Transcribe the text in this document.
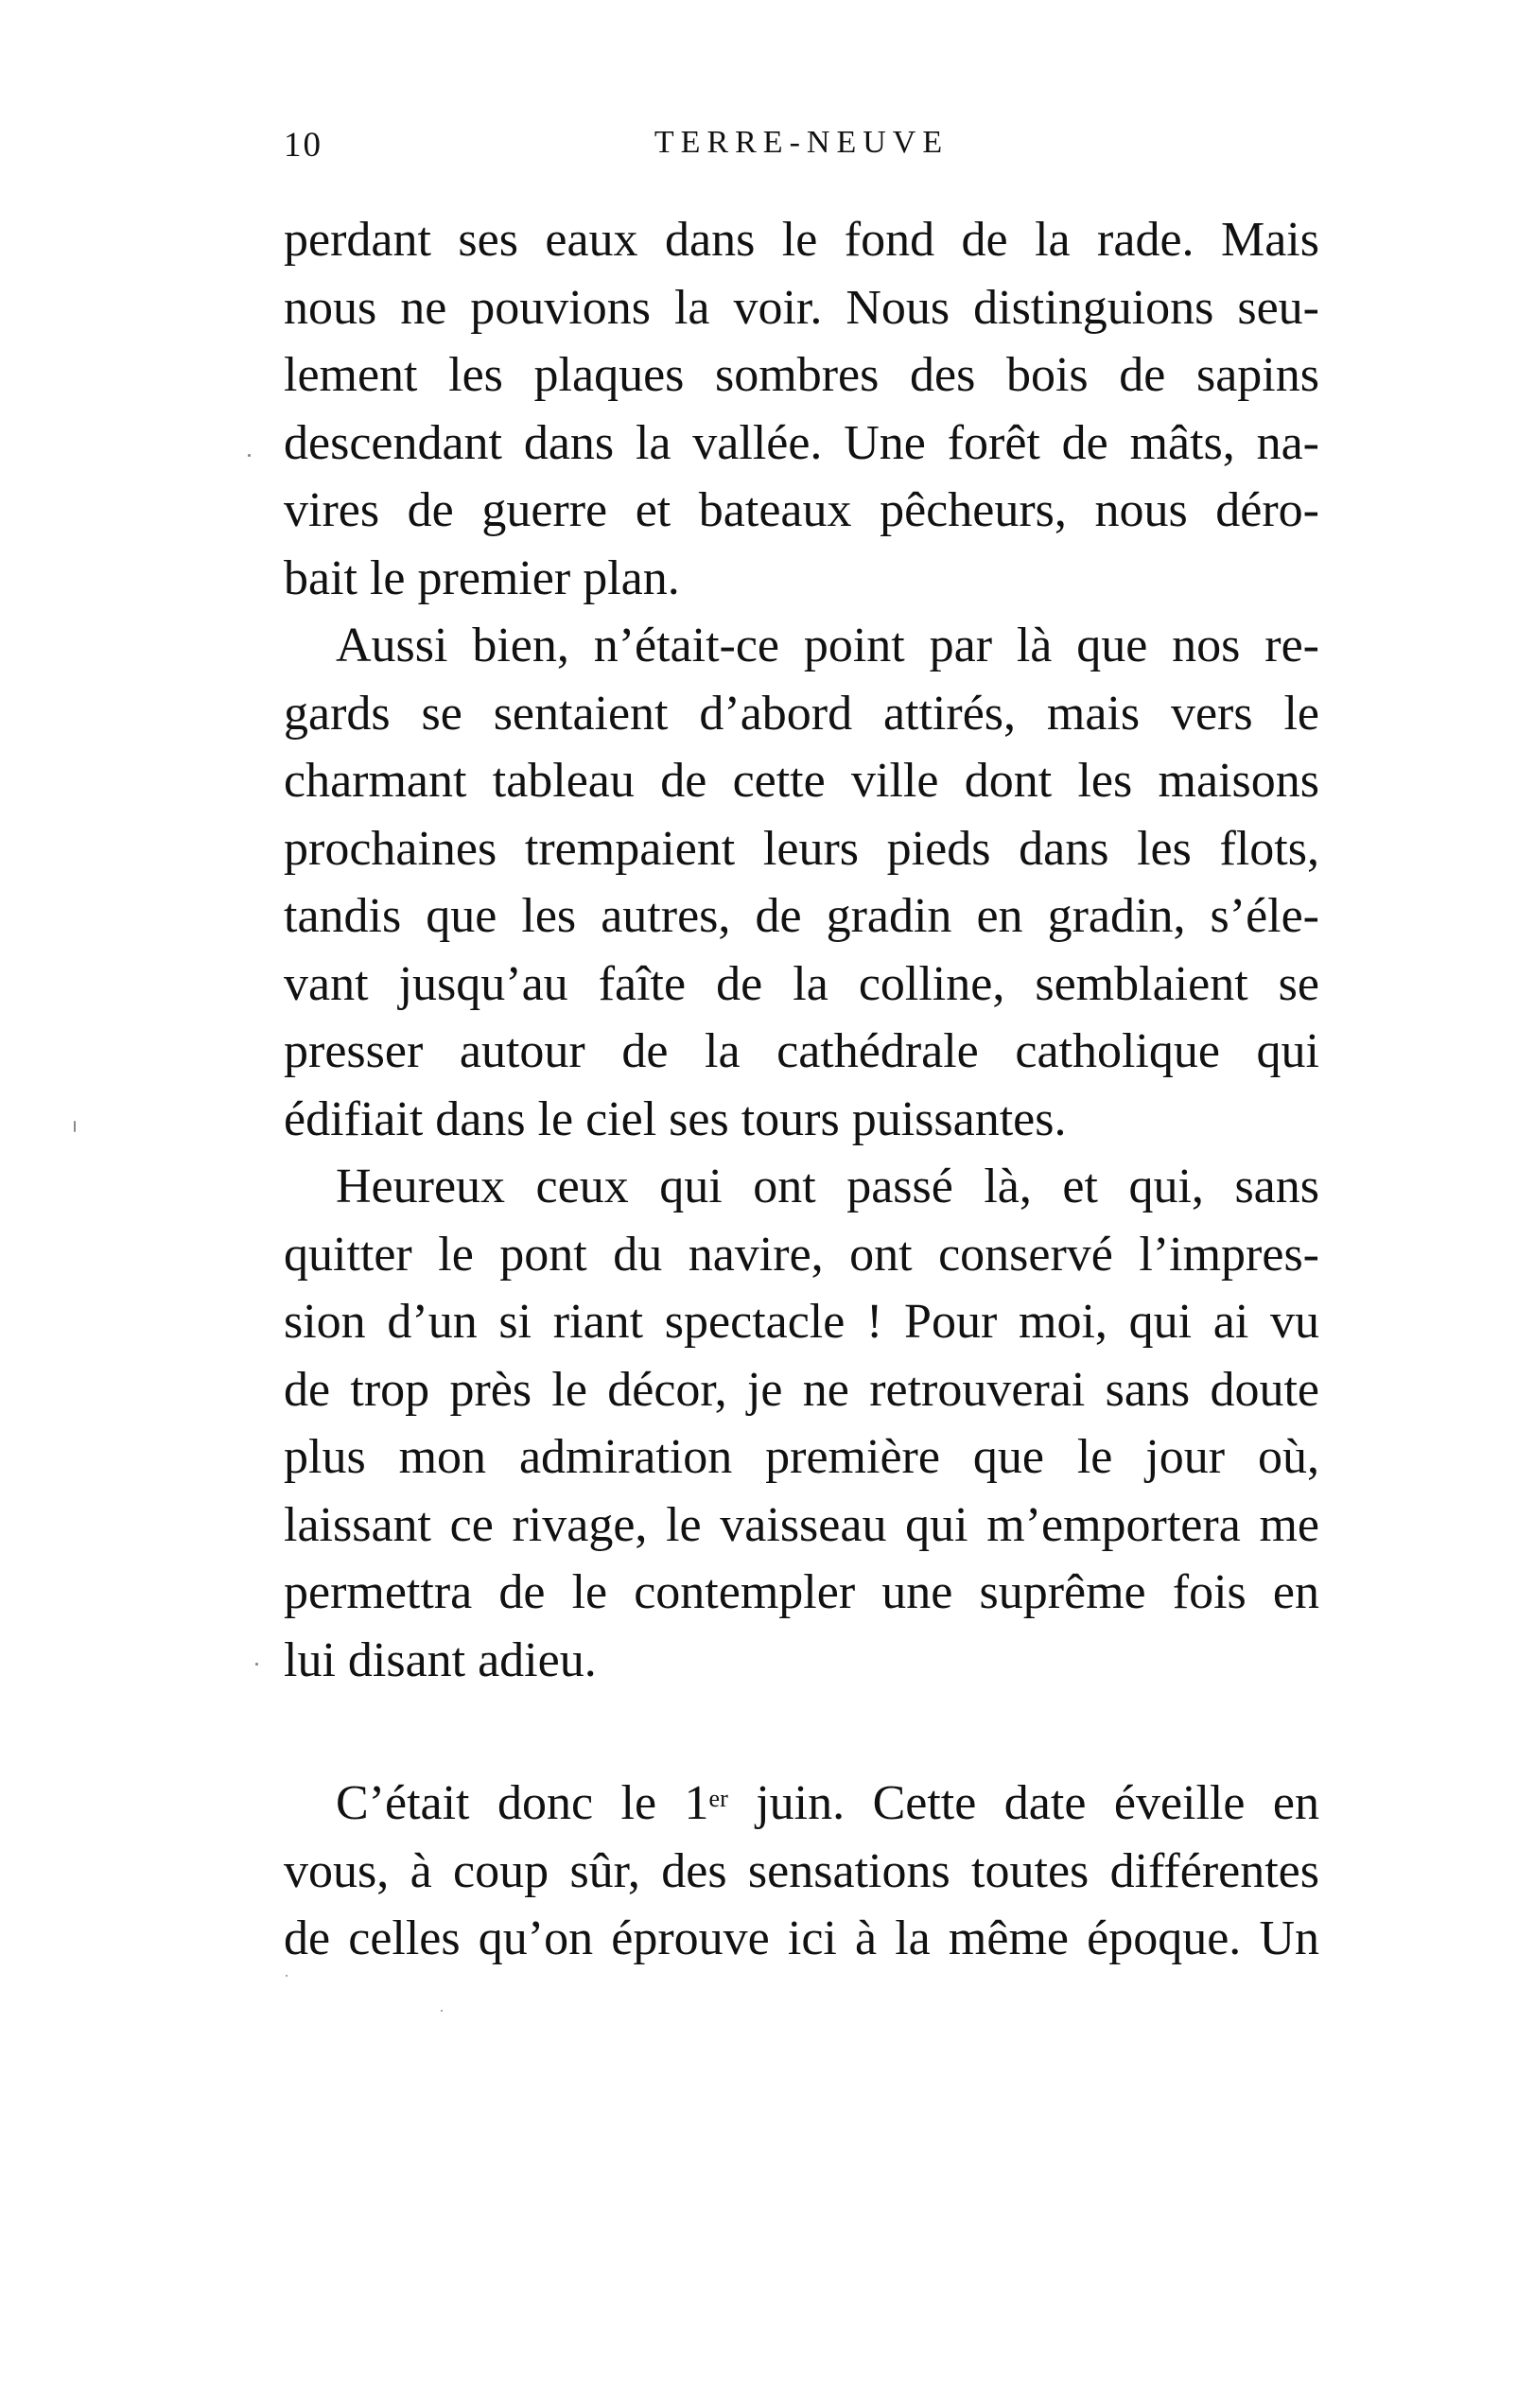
10	TERRE-NEUVE
perdant ses eaux dans le fond de la rade. Mais
nous ne pouvions la voir. Nous distinguions seu-
lement les plaques sombres des bois de sapins
descendant dans la vallée. Une forêt de mâts, na-
vires de guerre et bateaux pêcheurs, nous déro-
bait le premier plan.
Aussi bien, n’était-ce point par là que nos re-
gards se sentaient d’abord attirés, mais vers le
charmant tableau de cette ville dont les maisons
prochaines trempaient leurs pieds dans les flots,
tandis que les autres, de gradin en gradin, s’éle-
vant jusqu’au faîte de la colline, semblaient se
presser autour de la cathédrale catholique qui
édifiait dans le ciel ses tours puissantes.
Heureux ceux qui ont passé là, et qui, sans
quitter le pont du navire, ont conservé l’impres-
sion d’un si riant spectacle ! Pour moi, qui ai vu
de trop près le décor, je ne retrouverai sans doute
plus mon admiration première que le jour où,
laissant ce rivage, le vaisseau qui m’emportera me
permettra de le contempler une suprême fois en
lui disant adieu.
C’était donc le 1er juin. Cette date éveille en
vous, à coup sûr, des sensations toutes différentes
de celles qu’on éprouve ici à la même époque. Un
